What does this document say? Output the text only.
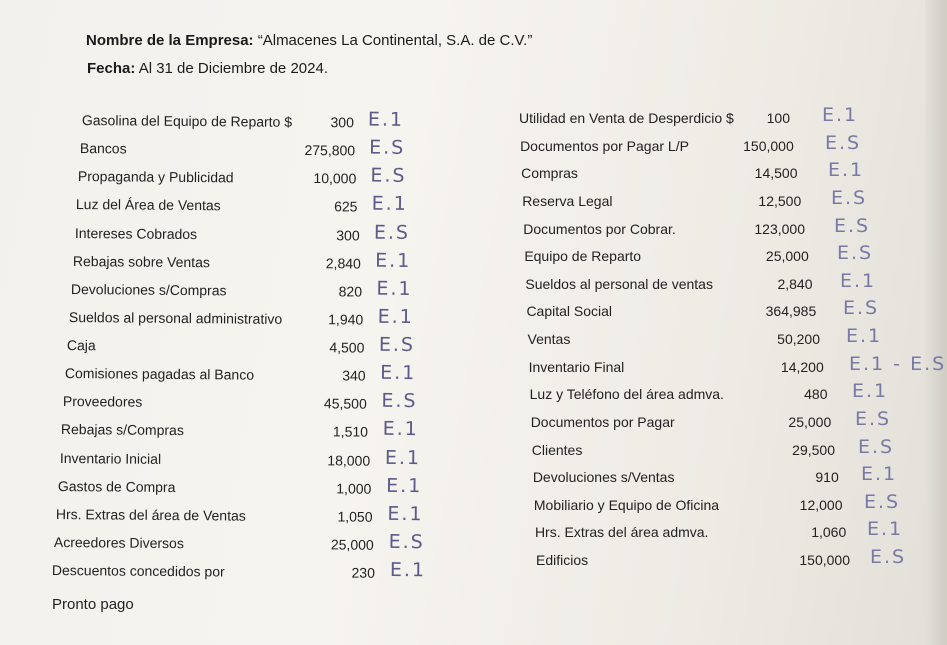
Nombre de la Empresa: “Almacenes La Continental, S.A. de C.V.”
Fecha: Al 31 de Diciembre de 2024.
Gasolina del Equipo de Reparto $	300 E.1
Bancos	275,800 E.S
Propaganda y Publicidad	10,000 E.S
Luz del Área de Ventas	625 E.1
Intereses Cobrados	300 E.S
Rebajas sobre Ventas	2,840 E.1
Devoluciones s/Compras	820 E.1
Sueldos al personal administrativo	1,940 E.1
Caja	4,500 E.S
Comisiones pagadas al Banco	340 E.1
Proveedores	45,500 E.S
Rebajas s/Compras	1,510 E.1
Inventario Inicial	18,000 E.1
Gastos de Compra	1,000 E.1
Hrs. Extras del área de Ventas	1,050 E.1
Acreedores Diversos	25,000 E.S
Descuentos concedidos por	230 E.1
Utilidad en Venta de Desperdicio $ 100 E.1
Documentos por Pagar L/P	150,000 E.S
Compras	14,500 E.1
Reserva Legal	12,500 E.S
Documentos por Cobrar.	123,000 E.S
Equipo de Reparto	25,000 E.S
Sueldos al personal de ventas	2,840 E.1
Capital Social	364,985 E.S
Ventas	50,200 E.1
Inventario Final	14,200 E.1 - E.S
Luz y Teléfono del área admva.	480 E.1
Documentos por Pagar	25,000 E.S
Clientes	29,500 E.S
Devoluciones s/Ventas	910 E.1
Mobiliario y Equipo de Oficina	12,000 E.S
Hrs. Extras del área admva.	1,060 E.1
Edificios	150,000 E.S
Pronto pago
